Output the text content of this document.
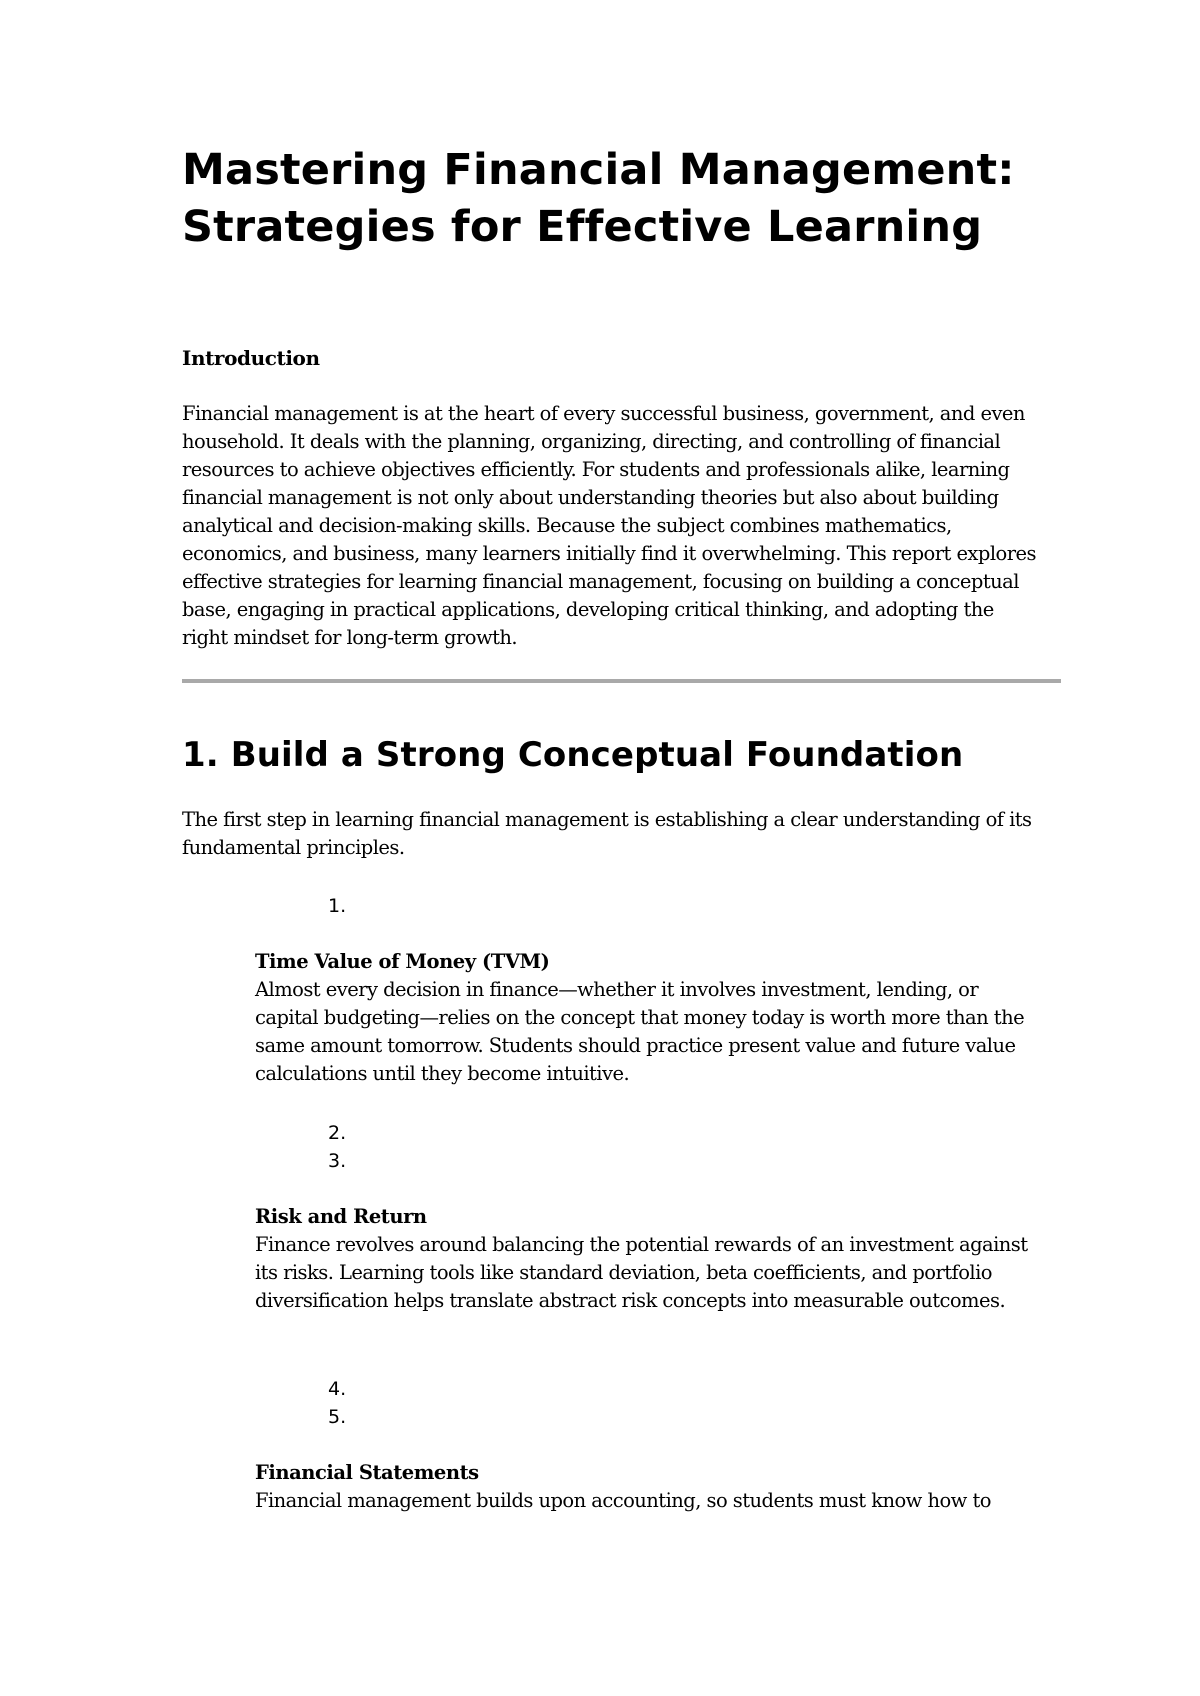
Mastering Financial Management: Strategies for Effective Learning

Introduction

Financial management is at the heart of every successful business, government, and even household. It deals with the planning, organizing, directing, and controlling of financial resources to achieve objectives efficiently. For students and professionals alike, learning financial management is not only about understanding theories but also about building analytical and decision-making skills. Because the subject combines mathematics, economics, and business, many learners initially find it overwhelming. This report explores effective strategies for learning financial management, focusing on building a conceptual base, engaging in practical applications, developing critical thinking, and adopting the right mindset for long-term growth.

1. Build a Strong Conceptual Foundation

The first step in learning financial management is establishing a clear understanding of its fundamental principles.

1.

Time Value of Money (TVM)

Almost every decision in finance—whether it involves investment, lending, or capital budgeting—relies on the concept that money today is worth more than the same amount tomorrow. Students should practice present value and future value calculations until they become intuitive.

2.

3.

Risk and Return

Finance revolves around balancing the potential rewards of an investment against its risks. Learning tools like standard deviation, beta coefficients, and portfolio diversification helps translate abstract risk concepts into measurable outcomes.

4.

5.

Financial Statements

Financial management builds upon accounting, so students must know how to
